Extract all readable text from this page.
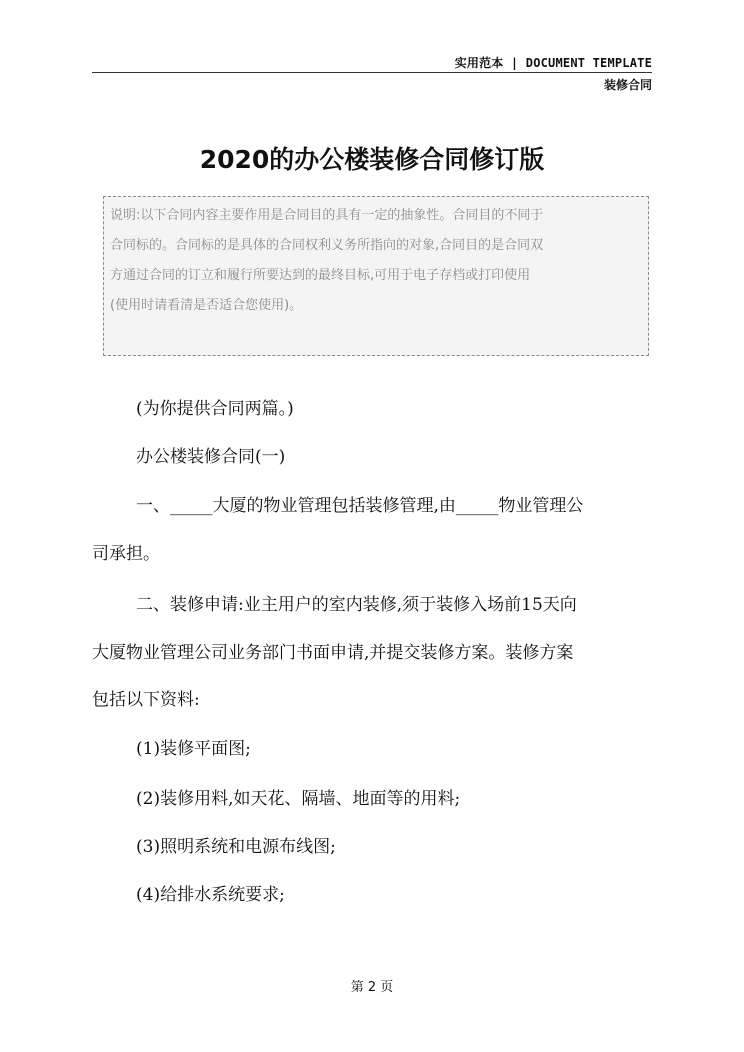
实用范本 | DOCUMENT TEMPLATE
装修合同
2020的办公楼装修合同修订版
说明:以下合同内容主要作用是合同目的具有一定的抽象性。合同目的不同于
合同标的。合同标的是具体的合同权利义务所指向的对象,合同目的是合同双
方通过合同的订立和履行所要达到的最终目标,可用于电子存档或打印使用
(使用时请看清是否适合您使用)。
(为你提供合同两篇。)
办公楼装修合同(一)
一、_____大厦的物业管理包括装修管理,由_____物业管理公
司承担。
二、装修申请:业主用户的室内装修,须于装修入场前15天向
大厦物业管理公司业务部门书面申请,并提交装修方案。装修方案
包括以下资料:
(1)装修平面图;
(2)装修用料,如天花、隔墙、地面等的用料;
(3)照明系统和电源布线图;
(4)给排水系统要求;
第 2 页
